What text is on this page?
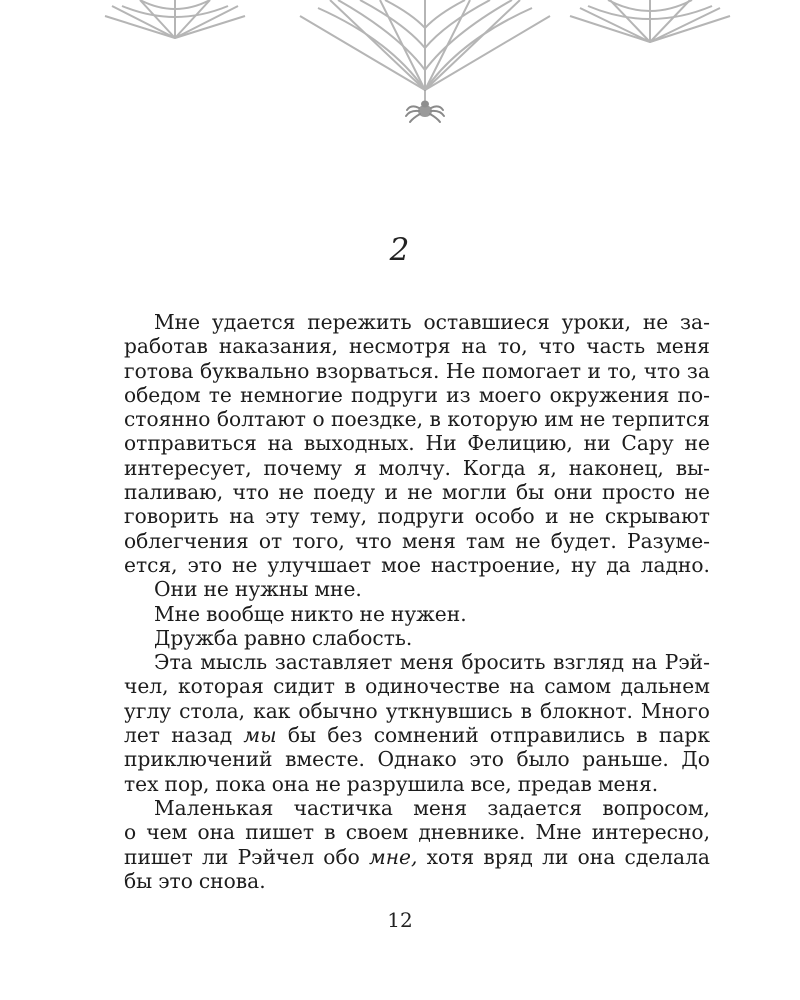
2
Мне удается пережить оставшиеся уроки, не за-
работав наказания, несмотря на то, что часть меня
готова буквально взорваться. Не помогает и то, что за
обедом те немногие подруги из моего окружения по-
стоянно болтают о поездке, в которую им не терпится
отправиться на выходных. Ни Фелицию, ни Сару не
интересует, почему я молчу. Когда я, наконец, вы-
паливаю, что не поеду и не могли бы они просто не
говорить на эту тему, подруги особо и не скрывают
облегчения от того, что меня там не будет. Разуме-
ется, это не улучшает мое настроение, ну да ладно.
Они не нужны мне.
Мне вообще никто не нужен.
Дружба равно слабость.
Эта мысль заставляет меня бросить взгляд на Рэй-
чел, которая сидит в одиночестве на самом дальнем
углу стола, как обычно уткнувшись в блокнот. Много
лет назад мы бы без сомнений отправились в парк
приключений вместе. Однако это было раньше. До
тех пор, пока она не разрушила все, предав меня.
Маленькая частичка меня задается вопросом,
о чем она пишет в своем дневнике. Мне интересно,
пишет ли Рэйчел обо мне, хотя вряд ли она сделала
бы это снова.
12
